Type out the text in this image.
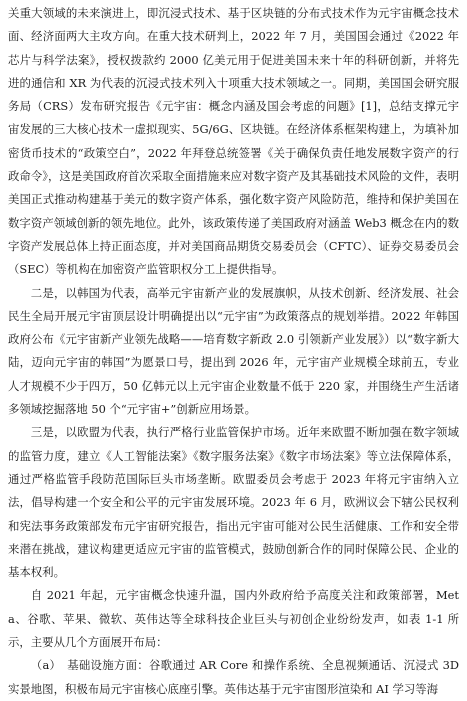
关重大领域的未来演进上，即沉浸式技术、基于区块链的分布式技术作为元宇宙概念技术面、经济面两大主攻方向。在重大技术研判上，2022 年 7 月，美国国会通过《2022 年芯片与科学法案》，授权拨款约 2000 亿美元用于促进美国未来十年的科研创新，并将先进的通信和 XR 为代表的沉浸式技术列入十项重大技术领域之一。同期，美国国会研究服务局（CRS）发布研究报告《元宇宙：概念内涵及国会考虑的问题》[1]，总结支撑元宇宙发展的三大核心技术一虚拟现实、5G/6G、区块链。在经济体系框架构建上，为填补加密货币技术的“政策空白”，2022 年拜登总统签署《关于确保负责任地发展数字资产的行政命令》，这是美国政府首次采取全面措施来应对数字资产及其基础技术风险的文件，表明美国正式推动构建基于美元的数字资产体系，强化数字资产风险防范，维持和保护美国在数字资产领域创新的领先地位。此外，该政策传递了美国政府对涵盖 Web3 概念在内的数字资产发展总体上持正面态度，并对美国商品期货交易委员会（CFTC）、证券交易委员会（SEC）等机构在加密资产监管职权分工上提供指导。

二是，以韩国为代表，高举元宇宙新产业的发展旗帜，从技术创新、经济发展、社会民生全局开展元宇宙顶层设计明确提出以“元宇宙”为政策落点的规划举措。2022 年韩国政府公布《元宇宙新产业领先战略——培育数字新政 2.0 引领新产业发展》）以“数字新大陆，迈向元宇宙的韩国”为愿景口号，提出到 2026 年，元宇宙产业规模全球前五，专业人才规模不少于四万，50 亿韩元以上元宇宙企业数量不低于 220 家，并围绕生产生活诸多领域挖掘落地 50 个“元宇宙+”创新应用场景。

三是，以欧盟为代表，执行严格行业监管保护市场。近年来欧盟不断加强在数字领域的监管力度，建立《人工智能法案》《数字服务法案》《数字市场法案》等立法保障体系，通过严格监管手段防范国际巨头市场垄断。欧盟委员会考虑于 2023 年将元宇宙纳入立法，倡导构建一个安全和公平的元宇宙发展环境。2023 年 6 月，欧洲议会下辖公民权利和宪法事务政策部发布元宇宙研究报告，指出元宇宙可能对公民生活健康、工作和安全带来潜在挑战，建议构建更适应元宇宙的监管模式，鼓励创新合作的同时保障公民、企业的基本权利。

自 2021 年起，元宇宙概念快速升温，国内外政府给予高度关注和政策部署，Meta、谷歌、苹果、微软、英伟达等全球科技企业巨头与初创企业纷纷发声，如表 1-1 所示，主要从几个方面展开布局：

（a）　基础设施方面：谷歌通过 AR Core 和操作系统、全息视频通话、沉浸式 3D 实景地图，积极布局元宇宙核心底座引擎。英伟达基于元宇宙图形渲染和 AI 学习等海
